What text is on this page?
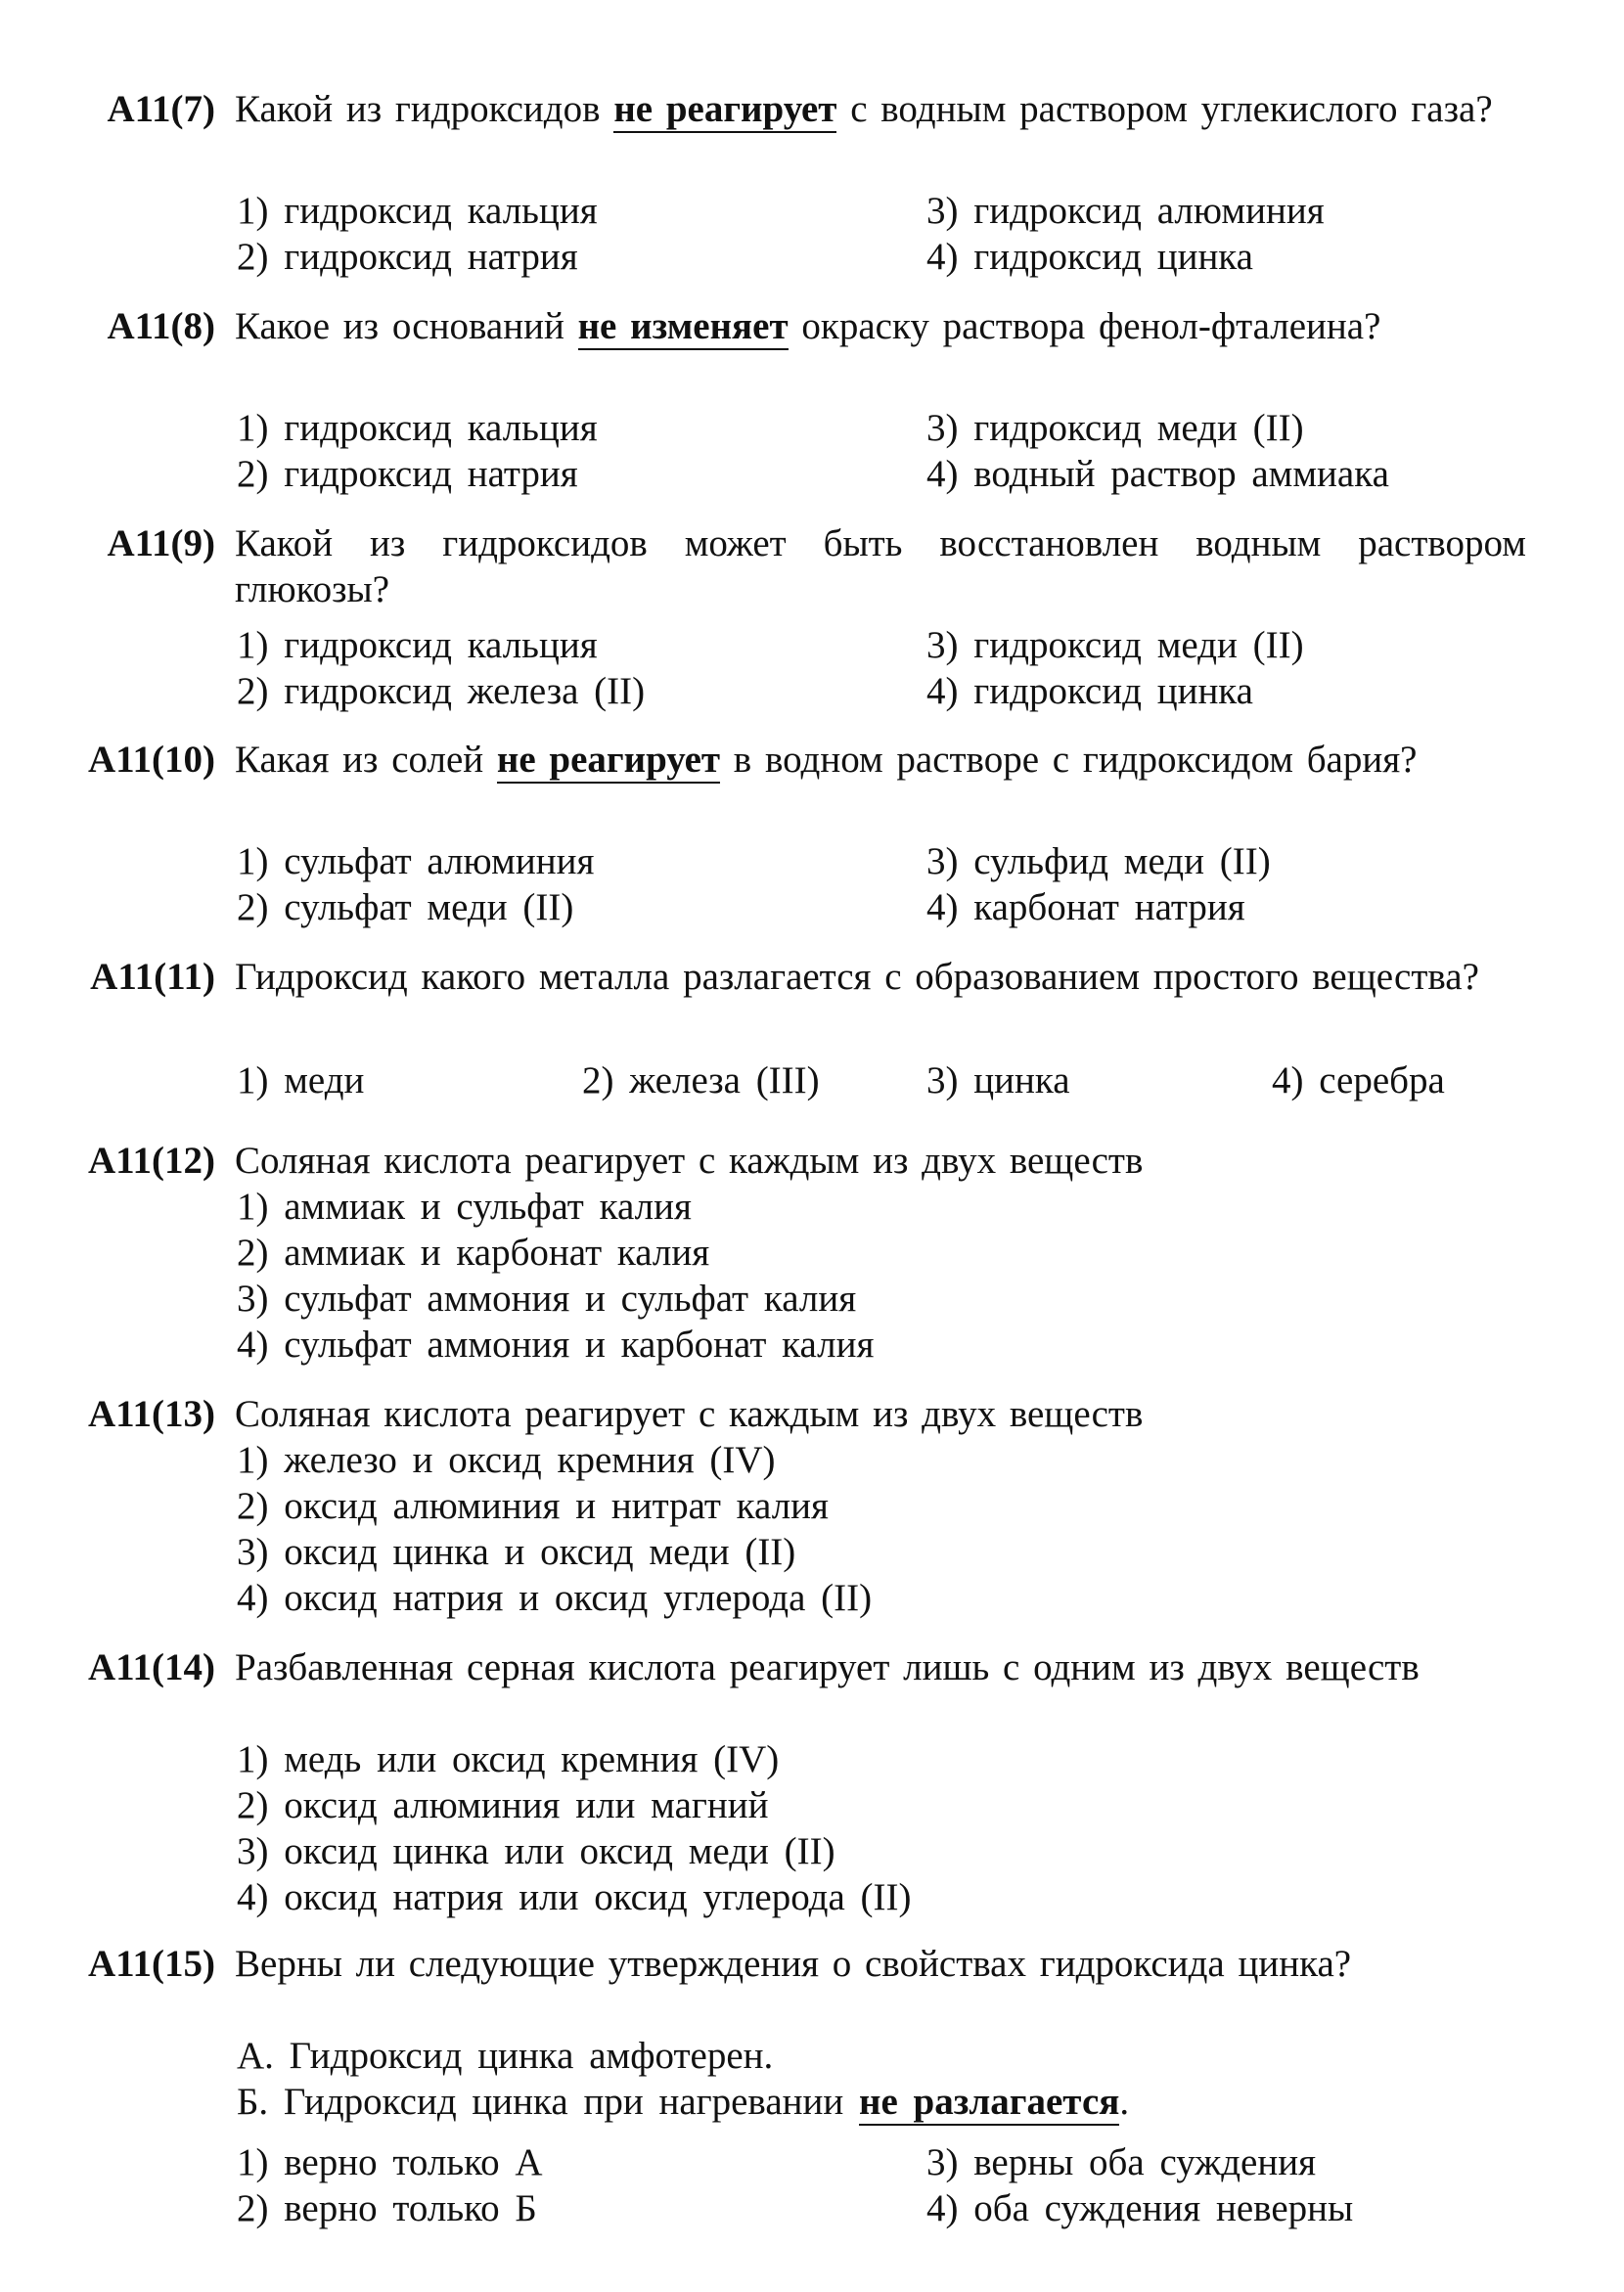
А11(7) Какой из гидроксидов не реагирует с водным раствором углекислого газа?
1) гидроксид кальция
2) гидроксид натрия
3) гидроксид алюминия
4) гидроксид цинка
А11(8) Какое из оснований не изменяет окраску раствора фенол-фталеина?
1) гидроксид кальция
2) гидроксид натрия
3) гидроксид меди (II)
4) водный раствор аммиака
А11(9) Какой из гидроксидов может быть восстановлен водным раствором глюкозы?
1) гидроксид кальция
2) гидроксид железа (II)
3) гидроксид меди (II)
4) гидроксид цинка
А11(10) Какая из солей не реагирует в водном растворе с гидроксидом бария?
1) сульфат алюминия
2) сульфат меди (II)
3) сульфид меди (II)
4) карбонат натрия
А11(11) Гидроксид какого металла разлагается с образованием простого вещества?
1) меди	2) железа (III)	3) цинка	4) серебра
А11(12) Соляная кислота реагирует с каждым из двух веществ
1) аммиак и сульфат калия
2) аммиак и карбонат калия
3) сульфат аммония и сульфат калия
4) сульфат аммония и карбонат калия
А11(13) Соляная кислота реагирует с каждым из двух веществ
1) железо и оксид кремния (IV)
2) оксид алюминия и нитрат калия
3) оксид цинка и оксид меди (II)
4) оксид натрия и оксид углерода (II)
А11(14) Разбавленная серная кислота реагирует лишь с одним из двух веществ
1) медь или оксид кремния (IV)
2) оксид алюминия или магний
3) оксид цинка или оксид меди (II)
4) оксид натрия или оксид углерода (II)
А11(15) Верны ли следующие утверждения о свойствах гидроксида цинка?
А. Гидроксид цинка амфотерен.
Б. Гидроксид цинка при нагревании не разлагается.
1) верно только А
2) верно только Б
3) верны оба суждения
4) оба суждения неверны
